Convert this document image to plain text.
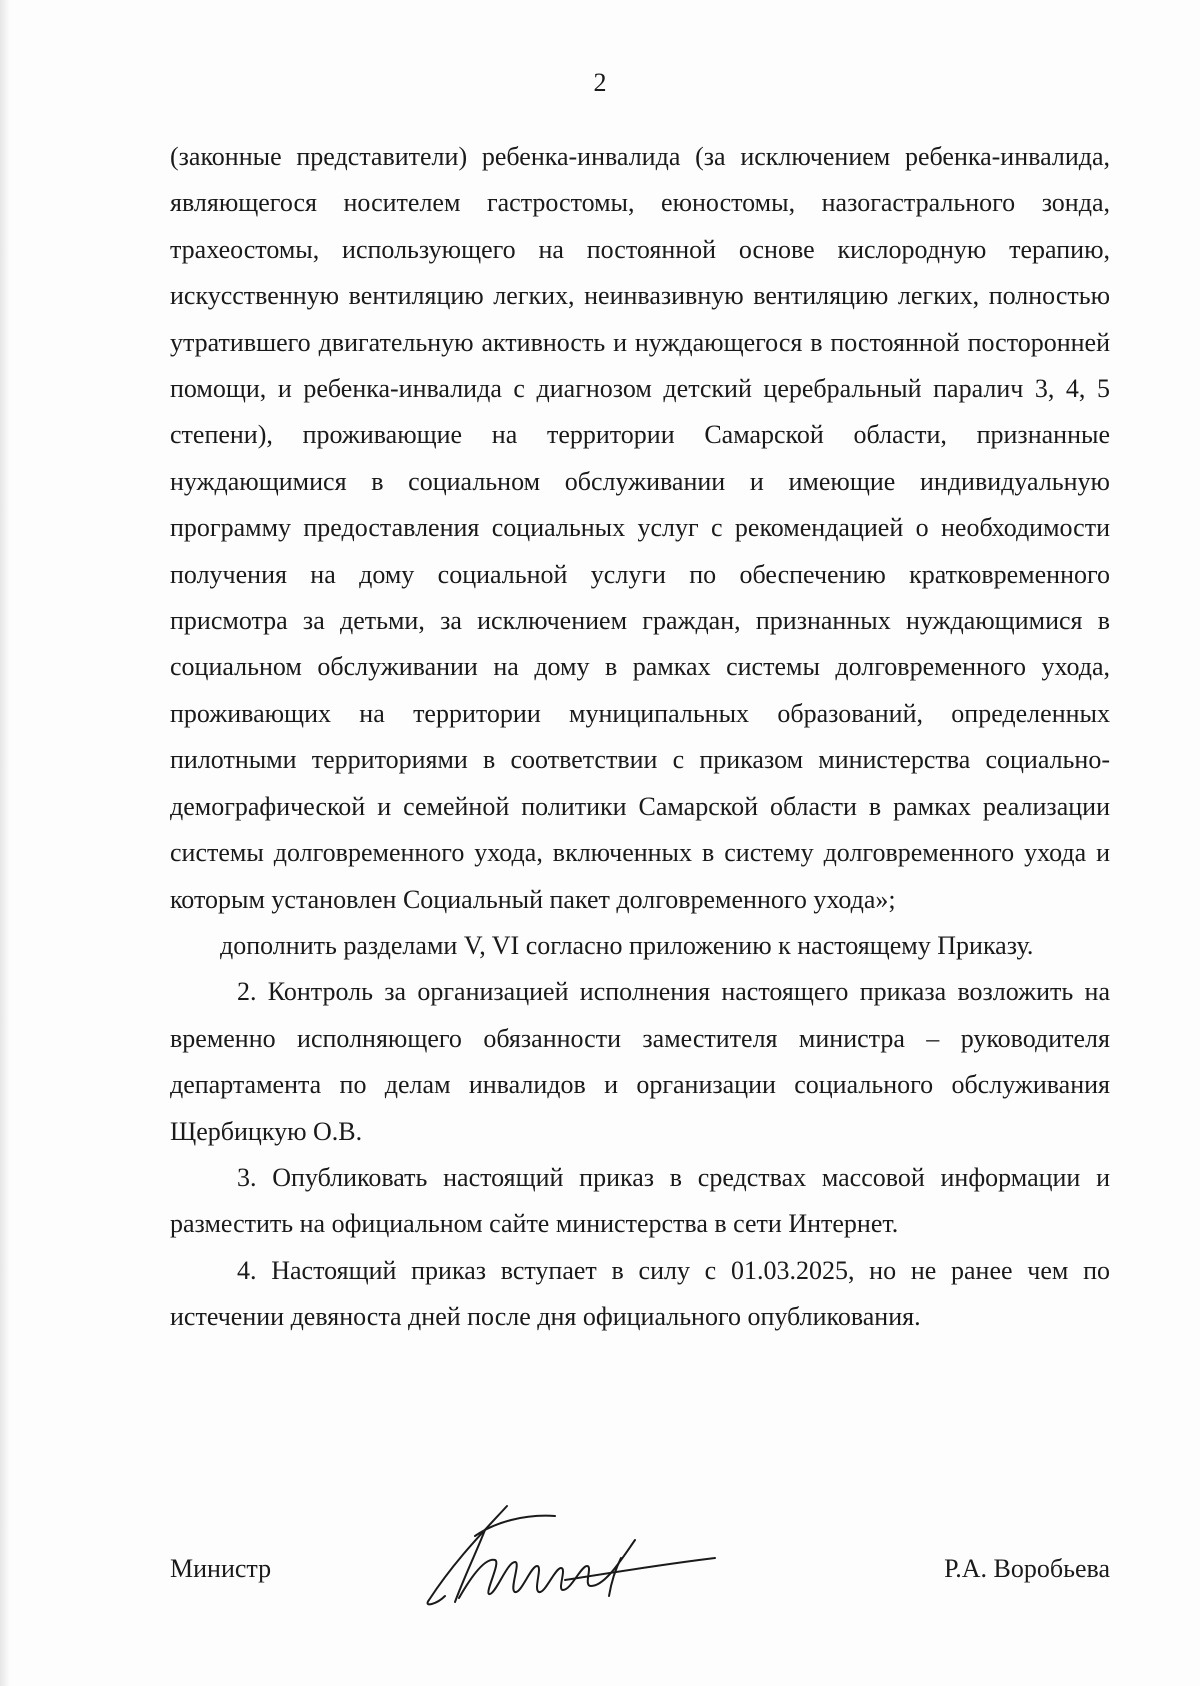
2

(законные представители) ребенка-инвалида (за исключением ребенка-инвалида, являющегося носителем гастростомы, еюностомы, назогастрального зонда, трахеостомы, использующего на постоянной основе кислородную терапию, искусственную вентиляцию легких, неинвазивную вентиляцию легких, полностью утратившего двигательную активность и нуждающегося в постоянной посторонней помощи, и ребенка-инвалида с диагнозом детский церебральный паралич 3, 4, 5 степени), проживающие на территории Самарской области, признанные нуждающимися в социальном обслуживании и имеющие индивидуальную программу предоставления социальных услуг с рекомендацией о необходимости получения на дому социальной услуги по обеспечению кратковременного присмотра за детьми, за исключением граждан, признанных нуждающимися в социальном обслуживании на дому в рамках системы долговременного ухода, проживающих на территории муниципальных образований, определенных пилотными территориями в соответствии с приказом министерства социально-демографической и семейной политики Самарской области в рамках реализации системы долговременного ухода, включенных в систему долговременного ухода и которым установлен Социальный пакет долговременного ухода»;

дополнить разделами V, VI согласно приложению к настоящему Приказу.

2. Контроль за организацией исполнения настоящего приказа возложить на временно исполняющего обязанности заместителя министра – руководителя департамента по делам инвалидов и организации социального обслуживания Щербицкую О.В.

3. Опубликовать настоящий приказ в средствах массовой информации и разместить на официальном сайте министерства в сети Интернет.

4. Настоящий приказ вступает в силу с 01.03.2025, но не ранее чем по истечении девяноста дней после дня официального опубликования.

Министр	Р.А. Воробьева
